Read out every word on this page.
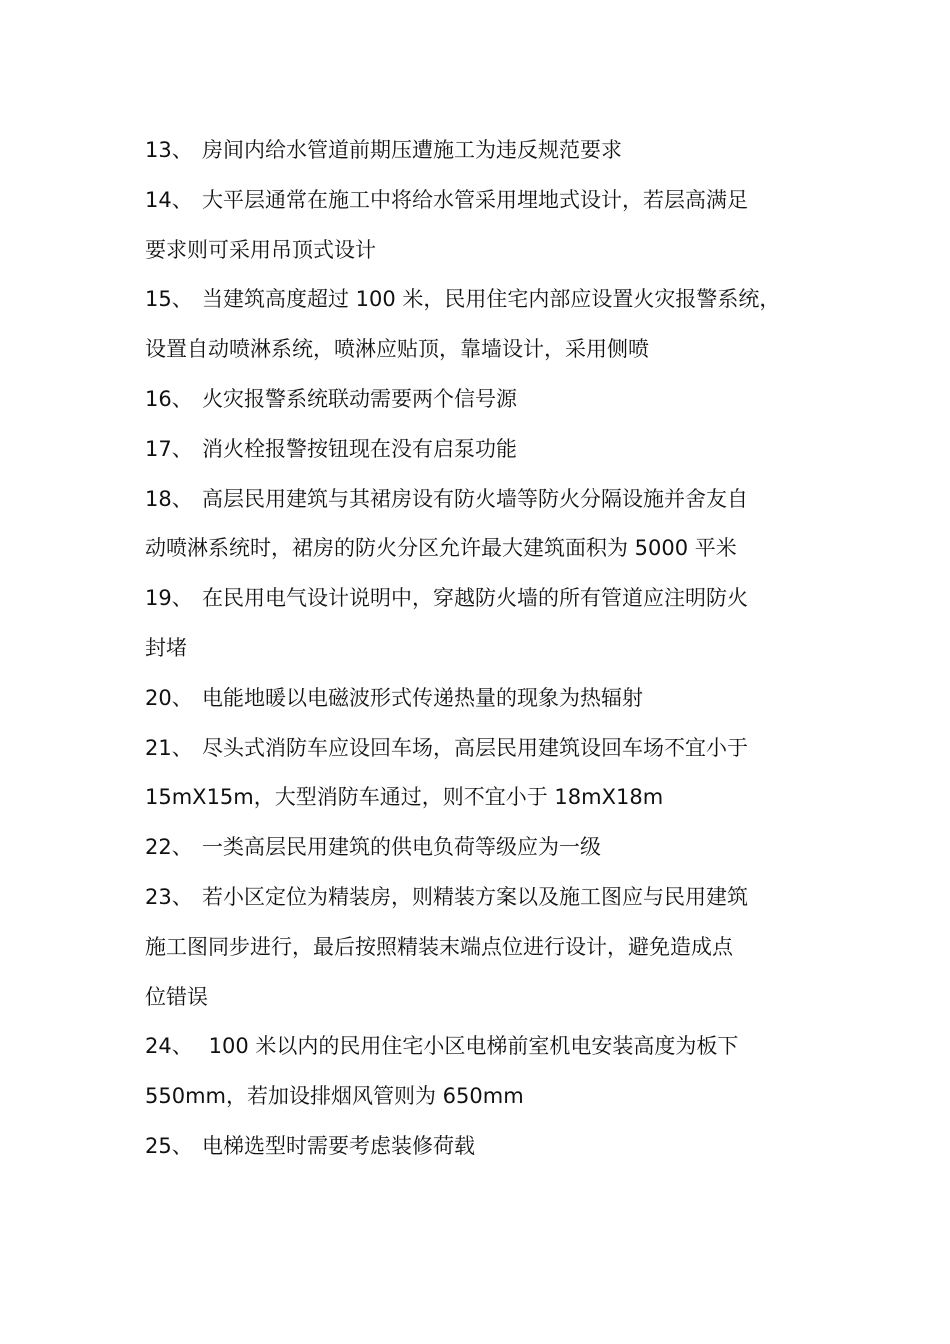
13、 房间内给水管道前期压遭施工为违反规范要求

14、 大平层通常在施工中将给水管采用埋地式设计，若层高满足
要求则可采用吊顶式设计

15、 当建筑高度超过 100 米，民用住宅内部应设置火灾报警系统，
设置自动喷淋系统，喷淋应贴顶，靠墙设计，采用侧喷

16、 火灾报警系统联动需要两个信号源

17、 消火栓报警按钮现在没有启泵功能

18、 高层民用建筑与其裙房设有防火墙等防火分隔设施并舍友自
动喷淋系统时，裙房的防火分区允许最大建筑面积为 5000 平米

19、 在民用电气设计说明中，穿越防火墙的所有管道应注明防火
封堵

20、 电能地暖以电磁波形式传递热量的现象为热辐射

21、 尽头式消防车应设回车场，高层民用建筑设回车场不宜小于
15mX15m，大型消防车通过，则不宜小于 18mX18m

22、 一类高层民用建筑的供电负荷等级应为一级

23、 若小区定位为精装房，则精装方案以及施工图应与民用建筑
施工图同步进行，最后按照精装末端点位进行设计，避免造成点
位错误

24、 100 米以内的民用住宅小区电梯前室机电安装高度为板下
550mm，若加设排烟风管则为 650mm

25、 电梯选型时需要考虑装修荷载
